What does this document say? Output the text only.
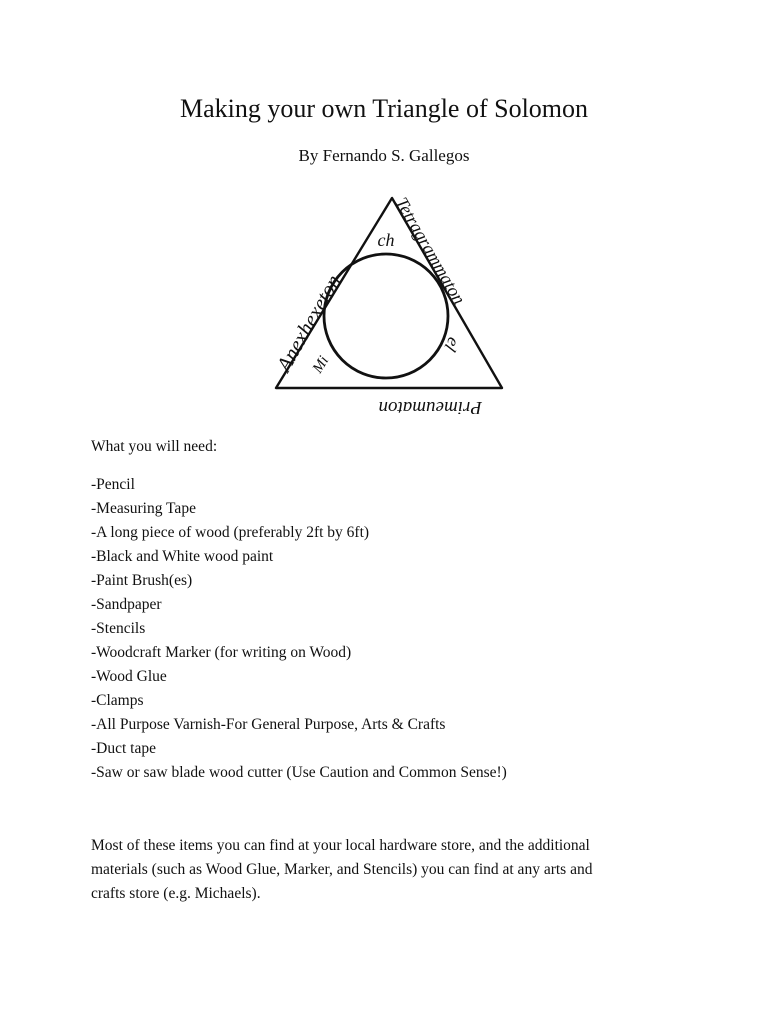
Making your own Triangle of Solomon

By Fernando S. Gallegos

ch
Anexhexeton
Mi
Tetragrammaton
el
Primeumaton

What you will need:

-Pencil
-Measuring Tape
-A long piece of wood (preferably 2ft by 6ft)
-Black and White wood paint
-Paint Brush(es)
-Sandpaper
-Stencils
-Woodcraft Marker (for writing on Wood)
-Wood Glue
-Clamps
-All Purpose Varnish-For General Purpose, Arts & Crafts
-Duct tape
-Saw or saw blade wood cutter (Use Caution and Common Sense!)

Most of these items you can find at your local hardware store, and the additional
materials (such as Wood Glue, Marker, and Stencils) you can find at any arts and
crafts store (e.g. Michaels).
